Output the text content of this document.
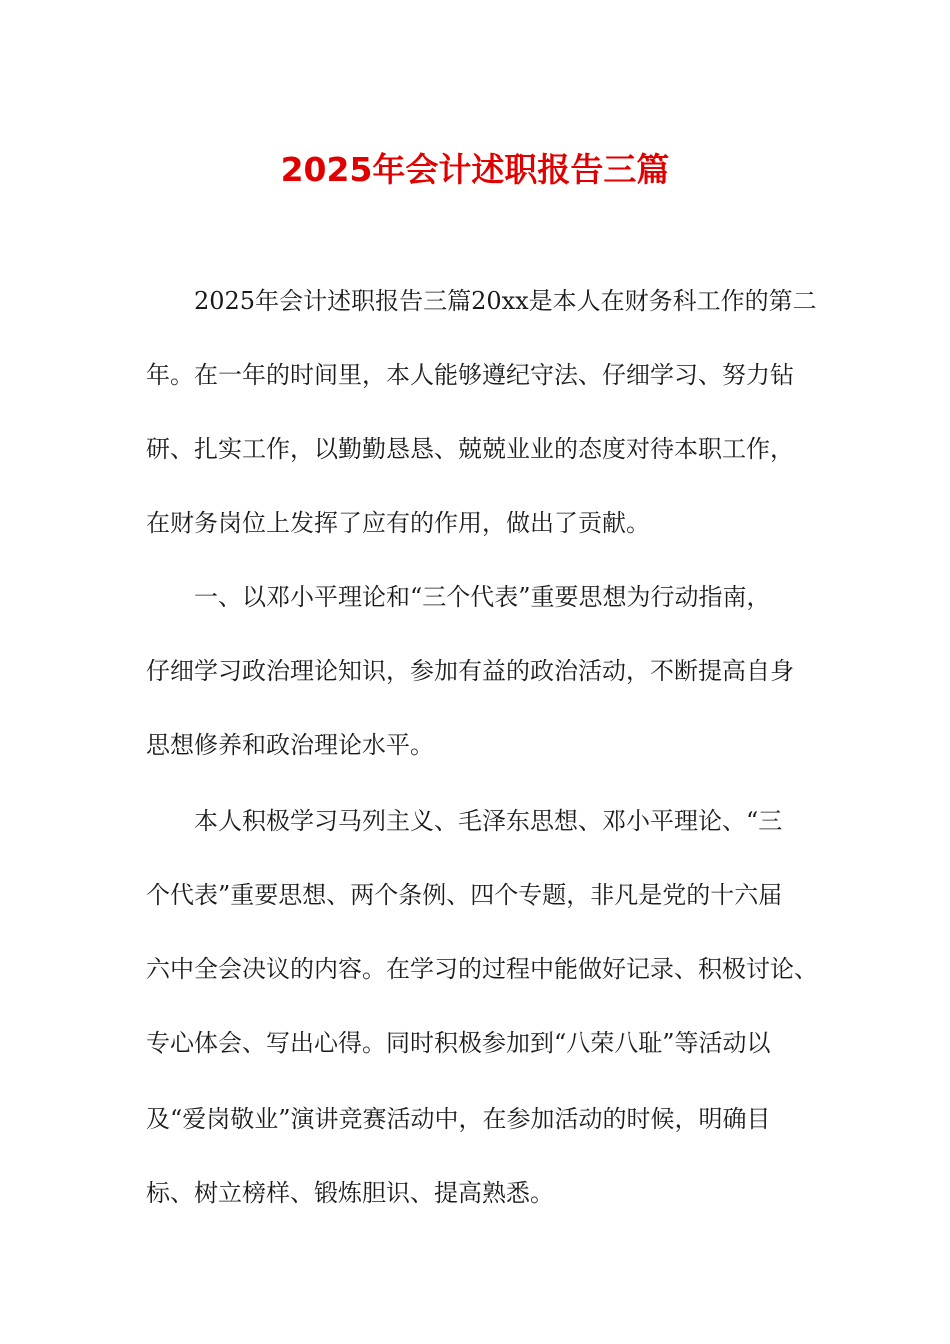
2025年会计述职报告三篇
　　2025年会计述职报告三篇20xx是本人在财务科工作的第二
年。在一年的时间里，本人能够遵纪守法、仔细学习、努力钻
研、扎实工作，以勤勤恳恳、兢兢业业的态度对待本职工作，
在财务岗位上发挥了应有的作用，做出了贡献。
　　一、以邓小平理论和“三个代表”重要思想为行动指南，
仔细学习政治理论知识，参加有益的政治活动，不断提高自身
思想修养和政治理论水平。
　　本人积极学习马列主义、毛泽东思想、邓小平理论、“三
个代表”重要思想、两个条例、四个专题，非凡是党的十六届
六中全会决议的内容。在学习的过程中能做好记录、积极讨论、
专心体会、写出心得。同时积极参加到“八荣八耻”等活动以
及“爱岗敬业”演讲竞赛活动中，在参加活动的时候，明确目
标、树立榜样、锻炼胆识、提高熟悉。
